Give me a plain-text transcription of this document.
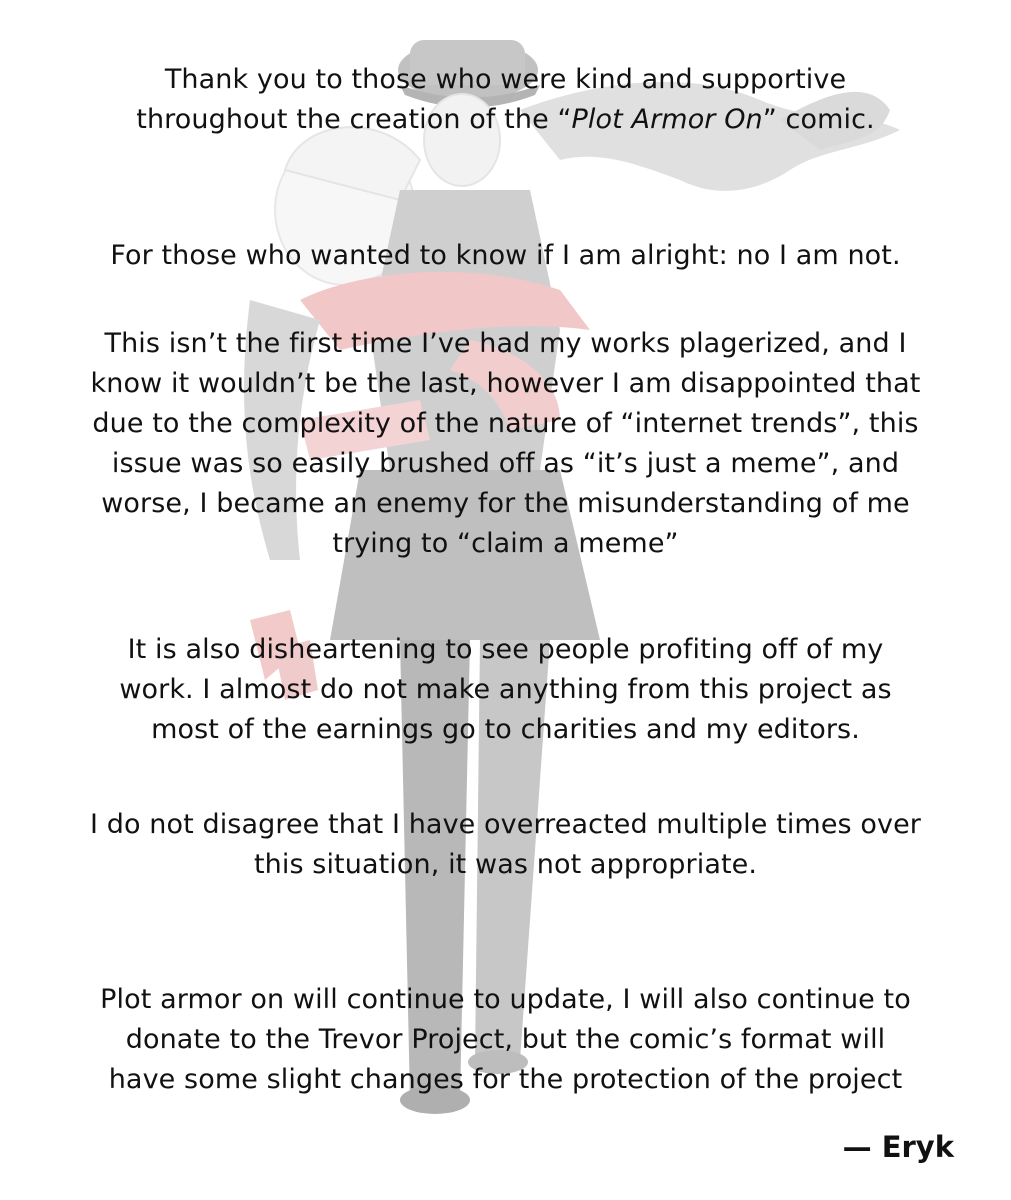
Thank you to those who were kind and supportive
throughout the creation of the “Plot Armor On” comic.
For those who wanted to know if I am alright: no I am not.
This isn’t the first time I’ve had my works plagerized, and I
know it wouldn’t be the last, however I am disappointed that
due to the complexity of the nature of “internet trends”, this
issue was so easily brushed off as “it’s just a meme”, and
worse, I became an enemy for the misunderstanding of me
trying to “claim a meme”
It is also disheartening to see people profiting off of my
work. I almost do not make anything from this project as
most of the earnings go to charities and my editors.
I do not disagree that I have overreacted multiple times over
this situation, it was not appropriate.
Plot armor on will continue to update, I will also continue to
donate to the Trevor Project, but the comic’s format will
have some slight changes for the protection of the project
— Eryk
